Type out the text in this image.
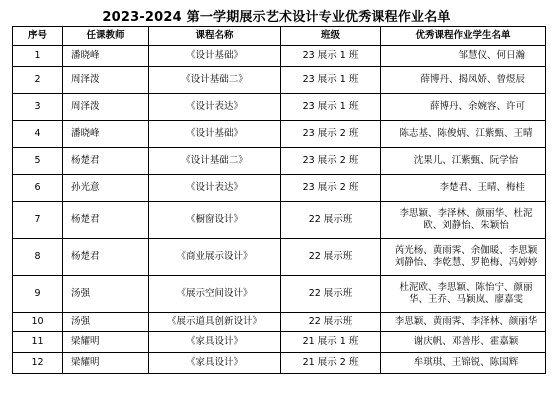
2023-2024 第一学期展示艺术设计专业优秀课程作业名单
序号	任课教师	课程名称	班级	优秀课程作业学生名单
1	潘晓峰	《设计基础》	23 展示 1 班	邹慧仪、何日瀚
2	周泽泼	《设计基础二》	23 展示 1 班	薛博丹、揭凤娇、曾煜辰
3	周泽泼	《设计表达》	23 展示 1 班	薛博丹、余婉容、许可
4	潘晓峰	《设计基础》	23 展示 2 班	陈志基、陈俊炳、江紫甄、王晴
5	杨楚君	《设计基础二》	23 展示 2 班	沈果儿、江紫甄、阮学怡
6	孙光意	《设计表达》	23 展示 2 班	李楚君、王晴、梅桂
7	杨楚君	《橱窗设计》	22 展示班	李思颖、李泽林、颜丽华、杜泥欧、刘静怡、朱颖怡
8	杨楚君	《商业展示设计》	22 展示班	芮光杨、黄雨霁、余伽暖、李思颖 刘静怡、李乾慧、罗艳梅、冯婷婷
9	汤强	《展示空间设计》	22 展示班	杜泥欧、李思颖、陈怡宁、颜丽华、王乔、马颖岚、廖嘉雯
10	汤强	《展示道具创新设计》	22 展示班	李思颖、黄雨霁、李泽林、颜丽华
11	梁耀明	《家具设计》	21 展示 1 班	谢庆帆、邓善彤、霍嘉颖
12	梁耀明	《家具设计》	21 展示 2 班	牟琪琪、王锦锐、陈国辉
